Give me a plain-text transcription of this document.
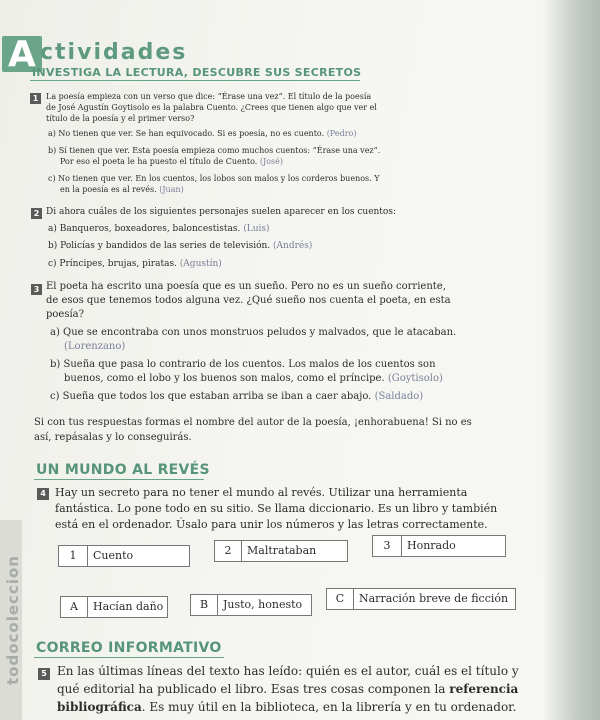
todocoleccion
A ctividades
INVESTIGA LA LECTURA, DESCUBRE SUS SECRETOS
1 La poesía empieza con un verso que dice: “Érase una vez”. El título de la poesía
de José Agustín Goytisolo es la palabra Cuento. ¿Crees que tienen algo que ver el
título de la poesía y el primer verso?
a) No tienen que ver. Se han equivocado. Si es poesía, no es cuento. (Pedro)
b) Sí tienen que ver. Esta poesía empieza como muchos cuentos: “Érase una vez”.
Por eso el poeta le ha puesto el título de Cuento. (José)
c) No tienen que ver. En los cuentos, los lobos son malos y los corderos buenos. Y
en la poesía es al revés. (Juan)
2 Di ahora cuáles de los siguientes personajes suelen aparecer en los cuentos:
a) Banqueros, boxeadores, baloncestistas. (Luis)
b) Policías y bandidos de las series de televisión. (Andrés)
c) Príncipes, brujas, piratas. (Agustín)
3 El poeta ha escrito una poesía que es un sueño. Pero no es un sueño corriente,
de esos que tenemos todos alguna vez. ¿Qué sueño nos cuenta el poeta, en esta
poesía?
a) Que se encontraba con unos monstruos peludos y malvados, que le atacaban.
(Lorenzano)
b) Sueña que pasa lo contrario de los cuentos. Los malos de los cuentos son
buenos, como el lobo y los buenos son malos, como el príncipe. (Goytisolo)
c) Sueña que todos los que estaban arriba se iban a caer abajo. (Saldado)
Si con tus respuestas formas el nombre del autor de la poesía, ¡enhorabuena! Si no es
así, repásalas y lo conseguirás.
UN MUNDO AL REVÉS
4 Hay un secreto para no tener el mundo al revés. Utilizar una herramienta
fantástica. Lo pone todo en su sitio. Se llama diccionario. Es un libro y también
está en el ordenador. Úsalo para unir los números y las letras correctamente.
1	Cuento	2	Maltrataban	3	Honrado
A	Hacían daño	B	Justo, honesto	C	Narración breve de ficción
CORREO INFORMATIVO
5 En las últimas líneas del texto has leído: quién es el autor, cuál es el título y
qué editorial ha publicado el libro. Esas tres cosas componen la referencia
bibliográfica. Es muy útil en la biblioteca, en la librería y en tu ordenador.
